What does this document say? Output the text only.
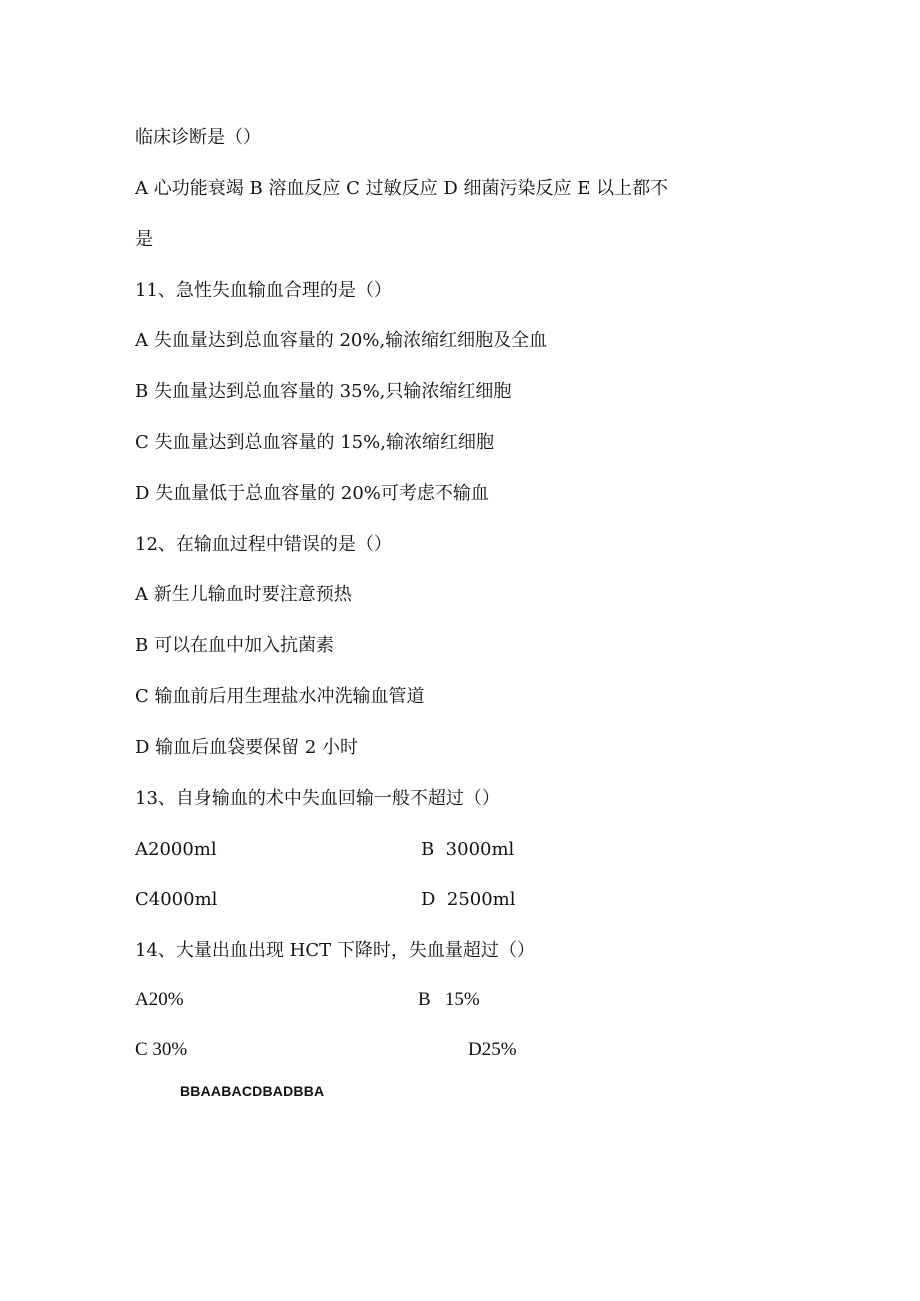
临床诊断是（）
A 心功能衰竭 B 溶血反应 C 过敏反应 D 细菌污染反应 E 以上都不
是
11、急性失血输血合理的是（）
A 失血量达到总血容量的 20%,输浓缩红细胞及全血
B 失血量达到总血容量的 35%,只输浓缩红细胞
C 失血量达到总血容量的 15%,输浓缩红细胞
D 失血量低于总血容量的 20%可考虑不输血
12、在输血过程中错误的是（）
A 新生儿输血时要注意预热
B 可以在血中加入抗菌素
C 输血前后用生理盐水冲洗输血管道
D 输血后血袋要保留 2 小时
13、自身输血的术中失血回输一般不超过（）
A2000ml	B  3000ml
C4000ml	D  2500ml
14、大量出血出现 HCT 下降时，失血量超过（）
A20%	B   15%
C 30%	D25%
BBAABACDBADBBA
